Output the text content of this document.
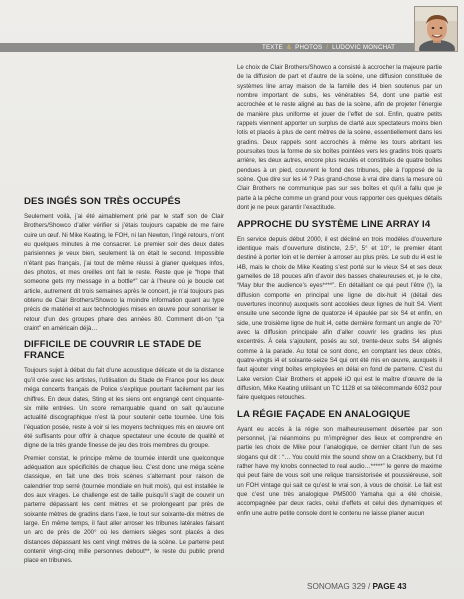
TEXTE & PHOTOS / LUDOVIC MONCHAT
DES INGÉS SON TRÈS OCCUPÉS

Seulement voilà, j’ai été aimablement prié par le staff son de Clair Brothers/Showco d’aller vérifier si j’étais toujours capable de me faire cuire un œuf. Ni Mike Keating, le FOH, ni Ian Newton, l’ingé retours, n’ont eu quelques minutes à me consacrer. Le premier soir des deux dates parisiennes je veux bien, seulement là on était le second. Impossible n’étant pas français, j’ai tout de même réussi à glaner quelques infos, des photos, et mes oreilles ont fait le reste. Reste que je “hope that someone gets my message in a bottle*” car à l’heure où je boucle cet article, autrement dit trois semaines après le concert, je n’ai toujours pas obtenu de Clair Brothers/Showco la moindre information quant au type précis de matériel et aux technologies mises en œuvre pour sonoriser le retour d’un des groupes phare des années 80. Comment dit-on “ça craint” en américain déjà…

DIFFICILE DE COUVRIR LE STADE DE FRANCE

Toujours sujet à débat du fait d’une acoustique délicate et de la distance qu’il crée avec les artistes, l’utilisation du Stade de France pour les deux méga concerts français de Police s’explique pourtant facilement par les chiffres. En deux dates, Sting et les siens ont engrangé cent cinquante-six mille entrées. Un score remarquable quand on sait qu’aucune actualité discographique n’est là pour soutenir cette tournée. Une fois l’équation posée, reste à voir si les moyens techniques mis en œuvre ont été suffisants pour offrir à chaque spectateur une écoute de qualité et digne de la très grande finesse de jeu des trois membres du groupe.

Premier constat, le principe même de tournée interdit une quelconque adéquation aux spécificités de chaque lieu. C’est donc une méga scène classique, en fait une des trois scènes s’alternant pour raison de calendrier trop serré (tournée mondiale en huit mois), qui est installée le dos aux virages. Le challenge est de taille puisqu’il s’agit de couvrir un parterre dépassant les cent mètres et se prolongeant par près de soixante mètres de gradins dans l’axe, le tout sur soixante-dix mètres de large. En même temps, il faut aller arroser les tribunes latérales faisant un arc de près de 200° où les derniers sièges sont placés à des distances dépassant les cent vingt mètres de la scène. Le parterre peut contenir vingt-cinq mille personnes debout**, le reste du public prend place en tribunes.

Le choix de Clair Brothers/Showco a consisté à accrocher la majeure partie de la diffusion de part et d’autre de la scène, une diffusion constituée de systèmes line array maison de la famille des i4 bien soutenus par un nombre important de subs, les vénérables S4, dont une partie est accrochée et le reste aligné au bas de la scène, afin de projeter l’énergie de manière plus uniforme et jouer de l’effet de sol. Enfin, quatre petits rappels viennent apporter un surplus de clarté aux spectateurs moins bien lotis et placés à plus de cent mètres de la scène, essentiellement dans les gradins. Deux rappels sont accrochés à même les tours abritant les poursuites tous la forme de six boîtes pointées vers les gradins trois quarts arrière, les deux autres, encore plus reculés et constitués de quatre boîtes pendues à un pied, couvrent le fond des tribunes, pile à l’opposé de la scène. Que dire sur les i4 ? Pas grand-chose à vrai dire dans la mesure où Clair Brothers ne communique pas sur ses boîtes et qu’il a fallu que je parte à la pêche comme un grand pour vous rapporter ces quelques détails dont je ne peux garantir l’exactitude.

APPROCHE DU SYSTÈME LINE ARRAY I4

En service depuis début 2000, il est décliné en trois modèles d’ouverture identique mais d’ouverture distincte, 2.5°, 5° et 10°, le premier étant destiné à porter loin et le dernier à arroser au plus près. Le sub du i4 est le i4B, mais le choix de Mike Keating s’est porté sur le vieux S4 et ses deux gamelles de 18 pouces afin d’avoir des basses chaleureuses et, je le cite, “May blur the audience’s eyes****”. En détaillant ce qui peut l’être (!), la diffusion comporte en principal une ligne de dix-huit i4 (détail des ouvertures inconnu) auxquels sont accolées deux lignes de huit S4. Vient ensuite une seconde ligne de quatorze i4 épaulée par six S4 et enfin, en side, une troisième ligne de huit i4, cette dernière formant un angle de 70° avec la diffusion principale afin d’aller couvrir les gradins les plus excentrés. À cela s’ajoutent, posés au sol, trente-deux subs S4 alignés comme à la parade. Au total ce sont donc, en comptant les deux côtés, quatre-vingts i4 et soixante-seize S4 qui ont été mis en œuvre, auxquels il faut ajouter vingt boîtes employées en délai en fond de parterre. C’est du Lake version Clair Brothers et appelé iO qui est le maître d’œuvre de la diffusion, Mike Keating utilisant un TC 1128 et sa télécommande 6032 pour faire quelques retouches.

LA RÉGIE FAÇADE EN ANALOGIQUE

Ayant eu accès à la régie son malheureusement désertée par son personnel, j’ai néanmoins pu m’imprégner des lieux et comprendre en partie les choix de Mike pour l’analogique, ce dernier citant l’un de ses slogans qui dit : “… You could mix the sound show on a Crackberry, but I’d rather have my knobs connected to real audio…*****” le genre de maxime qui peut faire de vous soit une relique transistorisée et poussiéreuse, soit un FOH vintage qui sait ce qu’est le vrai son, à vous de choisir. Le fait est que c’est une très analogique PM5000 Yamaha qui a été choisie, accompagnée par deux racks, celui d’effets et celui des dynamiques et enfin une autre petite console dont le contenu ne laisse planer aucun

SONOMAG 329 / PAGE 43
